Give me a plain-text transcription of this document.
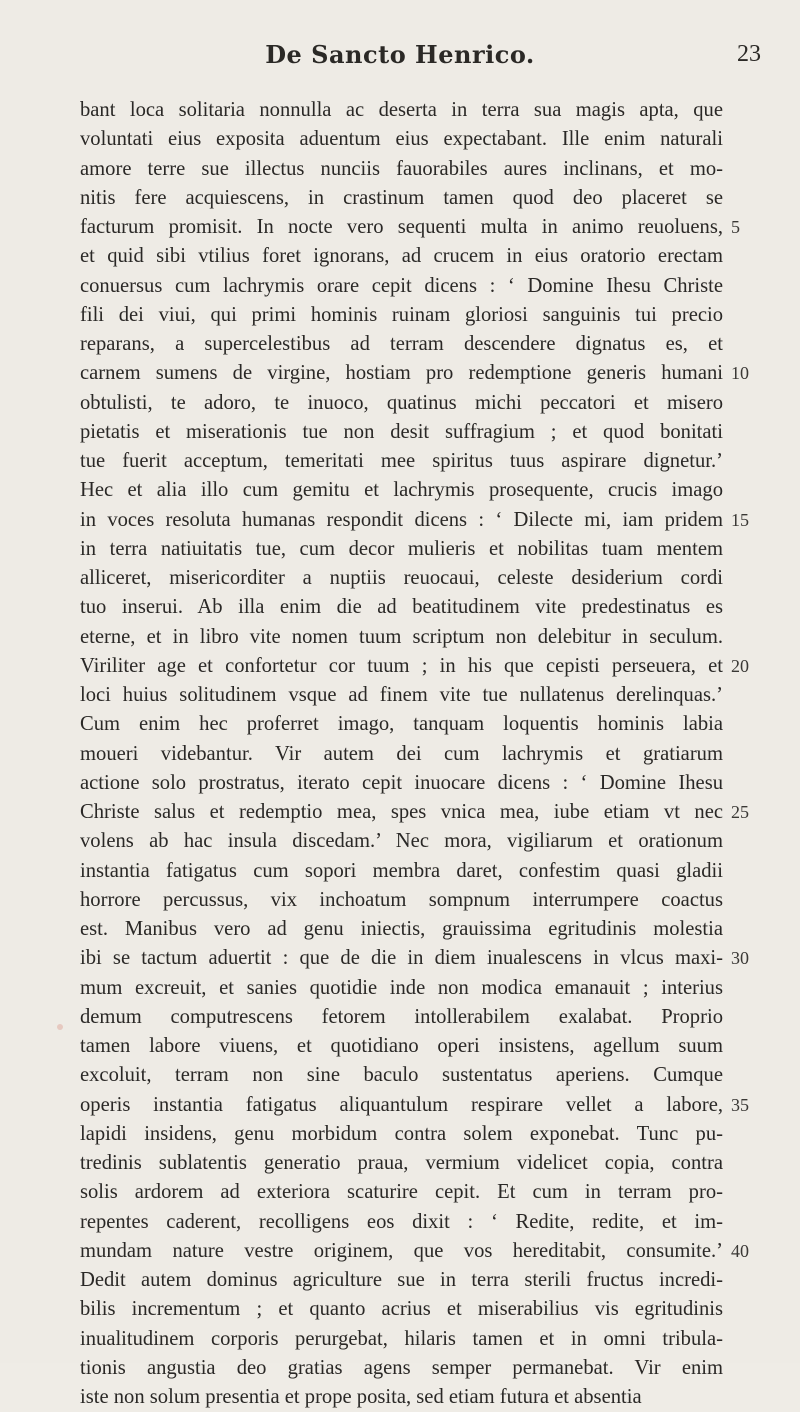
De Sancto Henrico.	23
bant loca solitaria nonnulla ac deserta in terra sua magis apta, que
voluntati eius exposita aduentum eius expectabant. Ille enim naturali
amore terre sue illectus nunciis fauorabiles aures inclinans, et mo-
nitis fere acquiescens, in crastinum tamen quod deo placeret se
facturum promisit. In nocte vero sequenti multa in animo reuoluens, 5
et quid sibi vtilius foret ignorans, ad crucem in eius oratorio erectam
conuersus cum lachrymis orare cepit dicens : ‘ Domine Ihesu Christe
fili dei viui, qui primi hominis ruinam gloriosi sanguinis tui precio
reparans, a supercelestibus ad terram descendere dignatus es, et
carnem sumens de virgine, hostiam pro redemptione generis humani 10
obtulisti, te adoro, te inuoco, quatinus michi peccatori et misero
pietatis et miserationis tue non desit suffragium ; et quod bonitati
tue fuerit acceptum, temeritati mee spiritus tuus aspirare dignetur.’
Hec et alia illo cum gemitu et lachrymis prosequente, crucis imago
in voces resoluta humanas respondit dicens : ‘ Dilecte mi, iam pridem 15
in terra natiuitatis tue, cum decor mulieris et nobilitas tuam mentem
alliceret, misericorditer a nuptiis reuocaui, celeste desiderium cordi
tuo inserui. Ab illa enim die ad beatitudinem vite predestinatus es
eterne, et in libro vite nomen tuum scriptum non delebitur in seculum.
Viriliter age et confortetur cor tuum ; in his que cepisti perseuera, et 20
loci huius solitudinem vsque ad finem vite tue nullatenus derelinquas.’
Cum enim hec proferret imago, tanquam loquentis hominis labia
moueri videbantur. Vir autem dei cum lachrymis et gratiarum
actione solo prostratus, iterato cepit inuocare dicens : ‘ Domine Ihesu
Christe salus et redemptio mea, spes vnica mea, iube etiam vt nec 25
volens ab hac insula discedam.’ Nec mora, vigiliarum et orationum
instantia fatigatus cum sopori membra daret, confestim quasi gladii
horrore percussus, vix inchoatum sompnum interrumpere coactus
est. Manibus vero ad genu iniectis, grauissima egritudinis molestia
ibi se tactum aduertit : que de die in diem inualescens in vlcus maxi- 30
mum excreuit, et sanies quotidie inde non modica emanauit ; interius
demum computrescens fetorem intollerabilem exalabat. Proprio
tamen labore viuens, et quotidiano operi insistens, agellum suum
excoluit, terram non sine baculo sustentatus aperiens. Cumque
operis instantia fatigatus aliquantulum respirare vellet a labore, 35
lapidi insidens, genu morbidum contra solem exponebat. Tunc pu-
tredinis sublatentis generatio praua, vermium videlicet copia, contra
solis ardorem ad exteriora scaturire cepit. Et cum in terram pro-
repentes caderent, recolligens eos dixit : ‘ Redite, redite, et im-
mundam nature vestre originem, que vos hereditabit, consumite.’ 40
Dedit autem dominus agriculture sue in terra sterili fructus incredi-
bilis incrementum ; et quanto acrius et miserabilius vis egritudinis
inualitudinem corporis perurgebat, hilaris tamen et in omni tribula-
tionis angustia deo gratias agens semper permanebat. Vir enim
iste non solum presentia et prope posita, sed etiam futura et absentia
